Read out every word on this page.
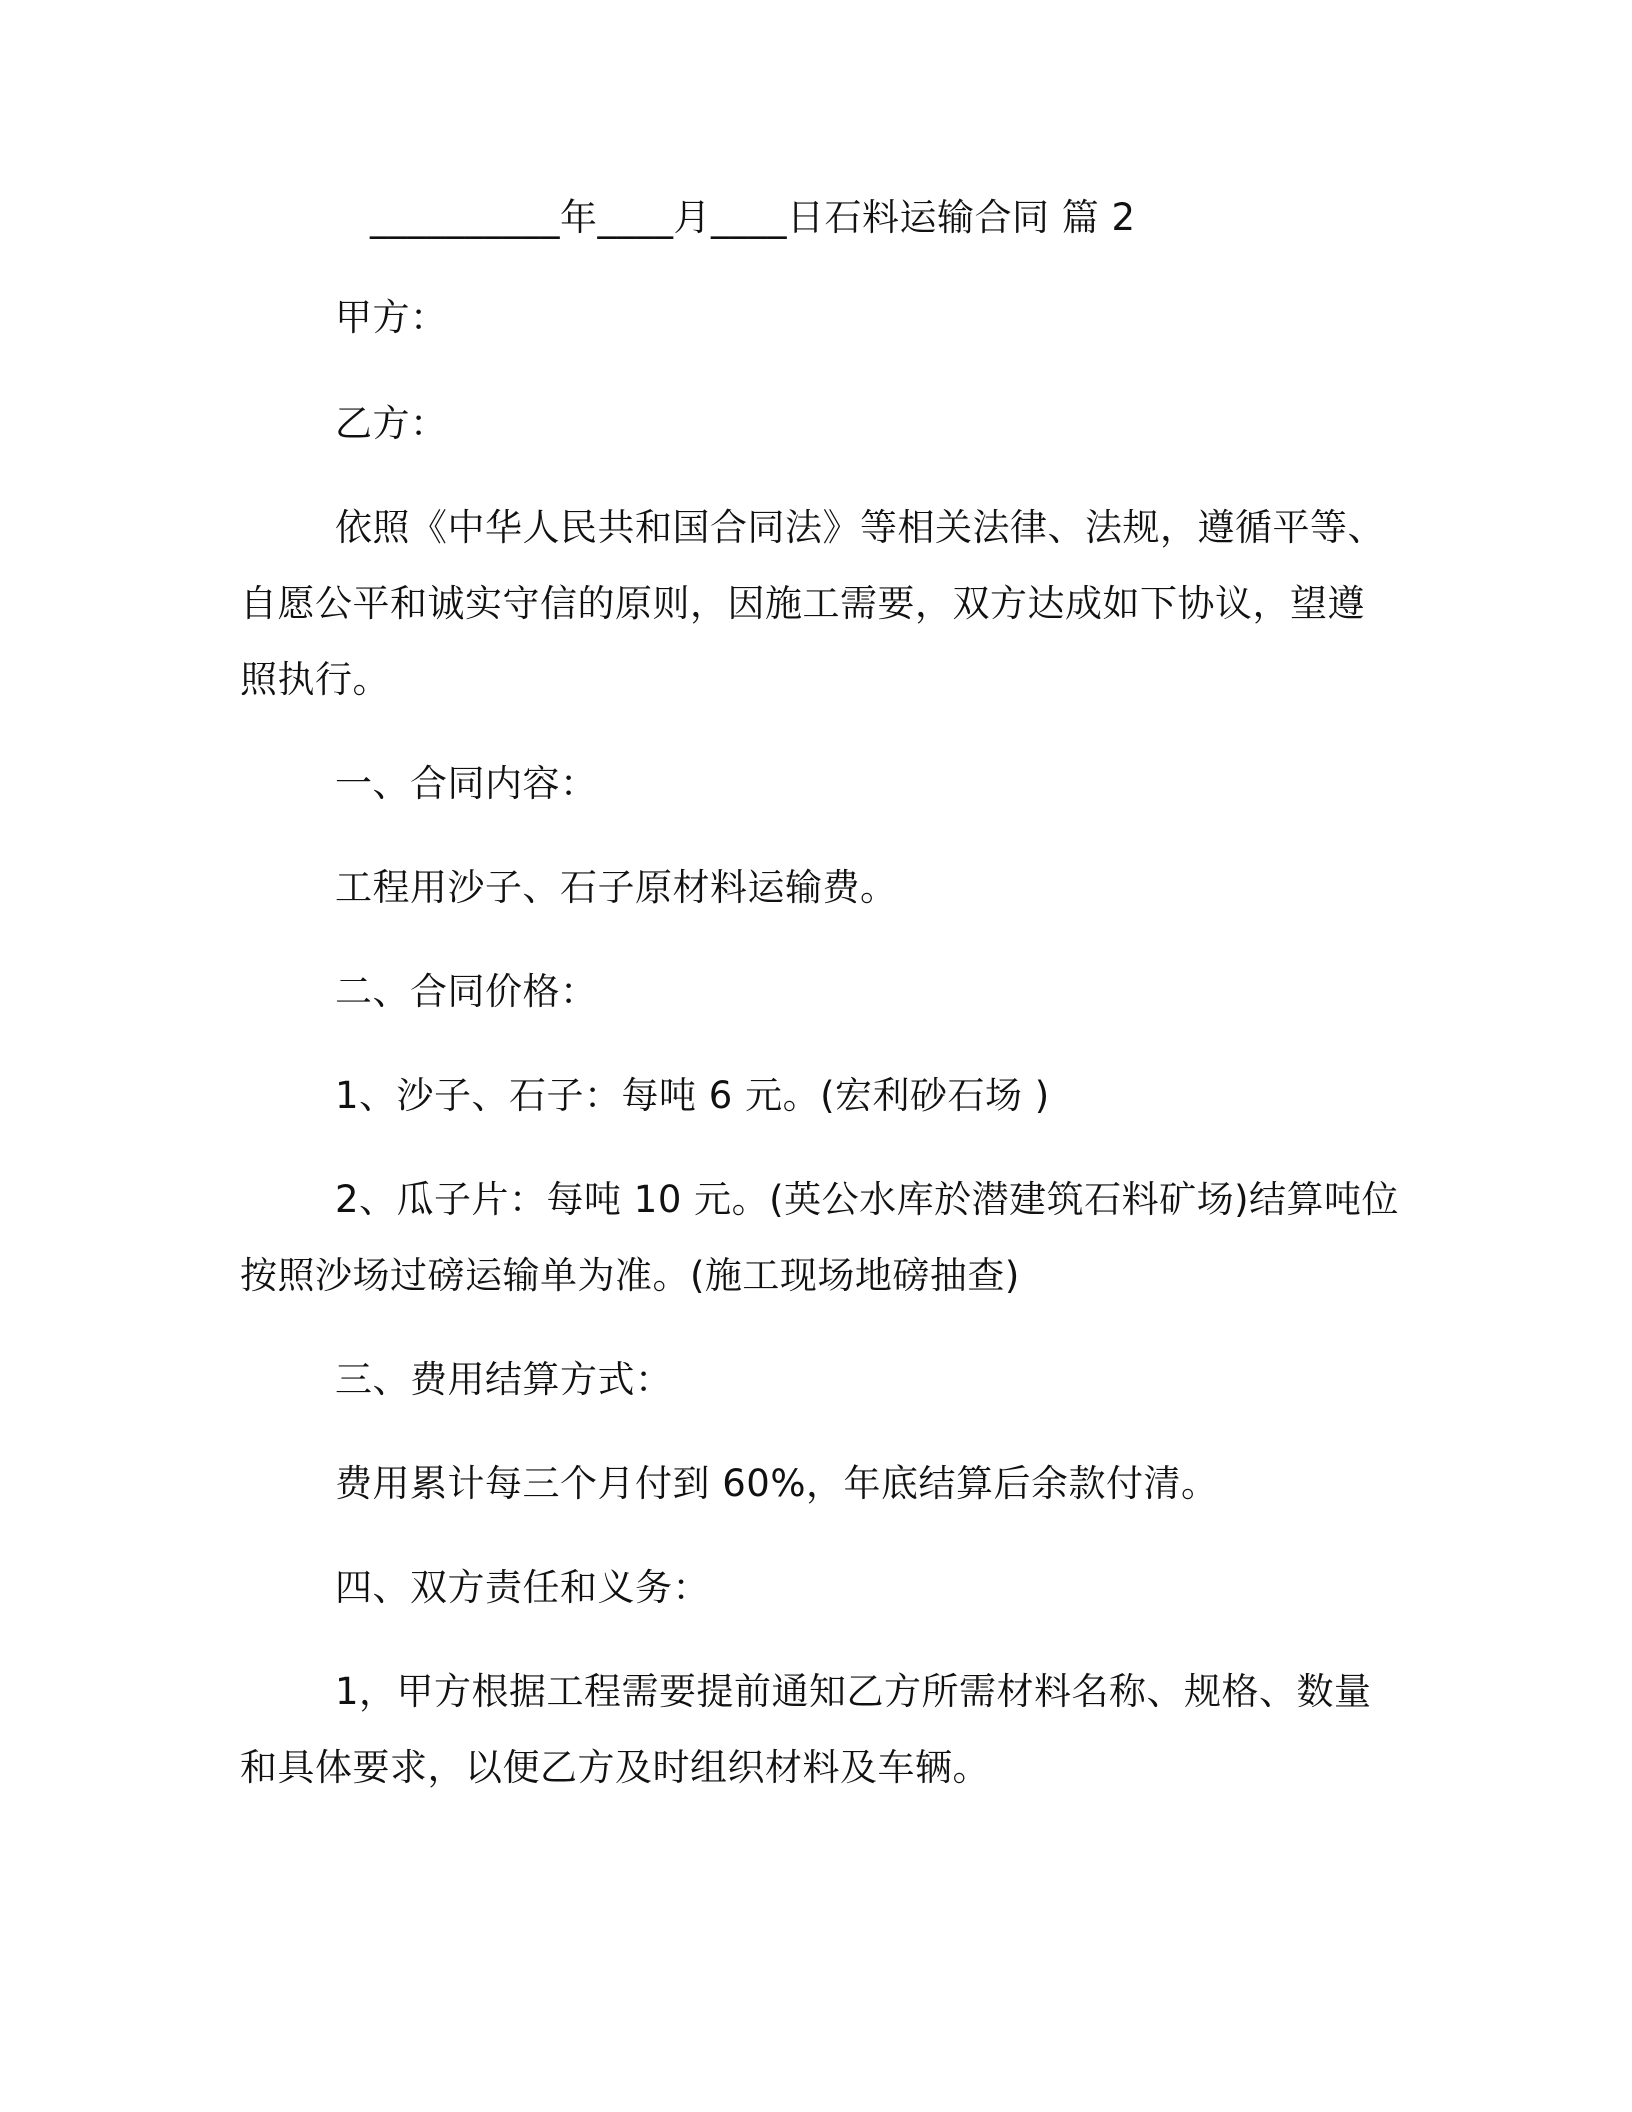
__________年____月____日石料运输合同 篇 2
甲方：
乙方：
依照《中华人民共和国合同法》等相关法律、法规，遵循平等、
自愿公平和诚实守信的原则，因施工需要，双方达成如下协议，望遵
照执行。
一、合同内容：
工程用沙子、石子原材料运输费。
二、合同价格：
1、沙子、石子：每吨 6 元。(宏利砂石场 )
2、瓜子片：每吨 10 元。(英公水库於潜建筑石料矿场)结算吨位
按照沙场过磅运输单为准。(施工现场地磅抽查)
三、费用结算方式：
费用累计每三个月付到 60%，年底结算后余款付清。
四、双方责任和义务：
1，甲方根据工程需要提前通知乙方所需材料名称、规格、数量
和具体要求，以便乙方及时组织材料及车辆。
